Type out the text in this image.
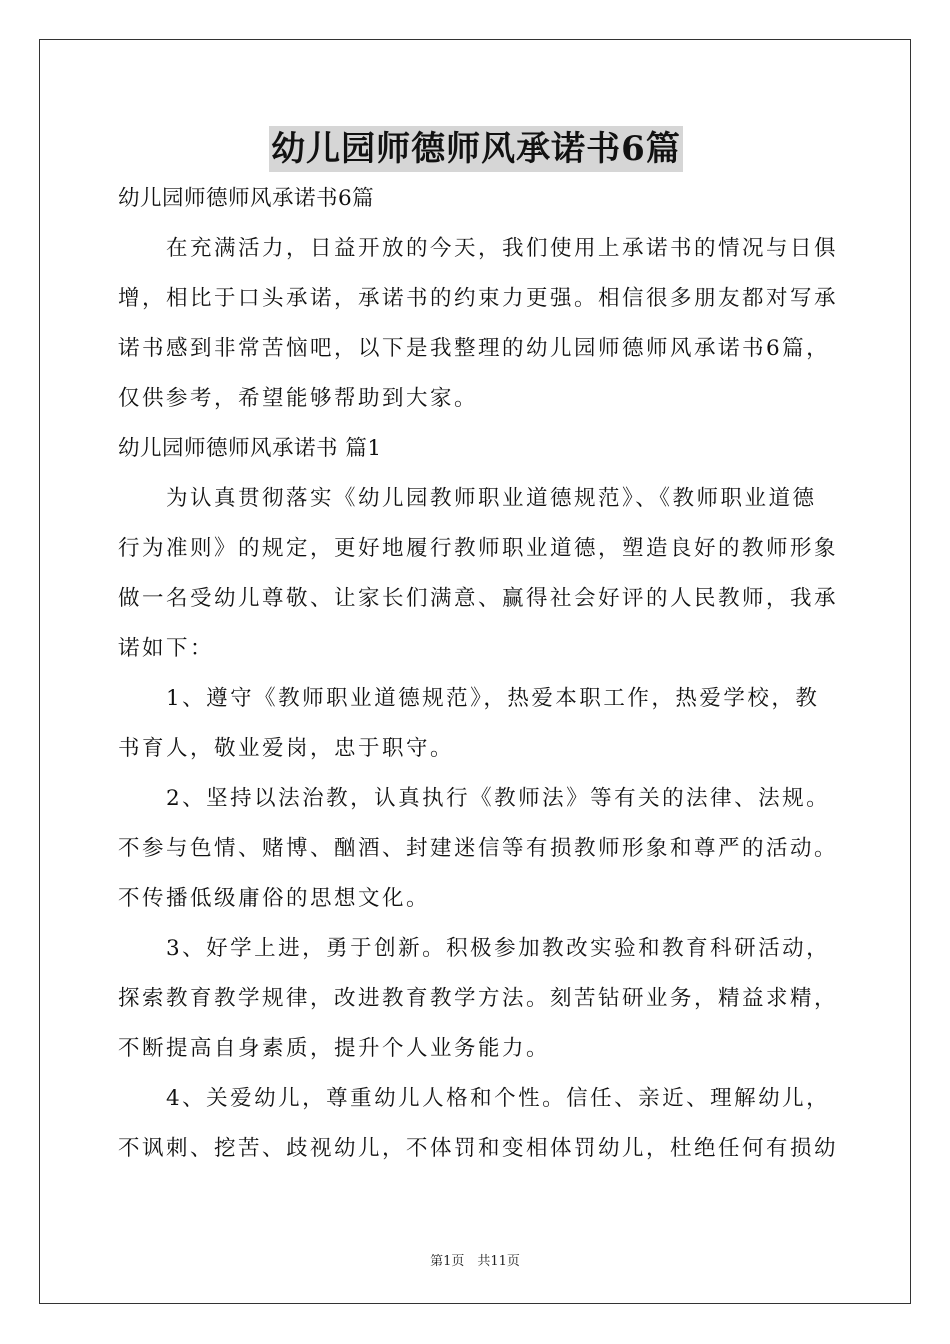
幼儿园师德师风承诺书6篇
幼儿园师德师风承诺书6篇
　　在充满活力，日益开放的今天，我们使用上承诺书的情况与日俱
增，相比于口头承诺，承诺书的约束力更强。相信很多朋友都对写承
诺书感到非常苦恼吧，以下是我整理的幼儿园师德师风承诺书6篇，
仅供参考，希望能够帮助到大家。
幼儿园师德师风承诺书 篇1
　　为认真贯彻落实《幼儿园教师职业道德规范》、《教师职业道德
行为准则》的规定，更好地履行教师职业道德，塑造良好的教师形象
做一名受幼儿尊敬、让家长们满意、赢得社会好评的人民教师，我承
诺如下：
　　1、遵守《教师职业道德规范》，热爱本职工作，热爱学校，教
书育人，敬业爱岗，忠于职守。
　　2、坚持以法治教，认真执行《教师法》等有关的法律、法规。
不参与色情、赌博、酗酒、封建迷信等有损教师形象和尊严的活动。
不传播低级庸俗的思想文化。
　　3、好学上进，勇于创新。积极参加教改实验和教育科研活动，
探索教育教学规律，改进教育教学方法。刻苦钻研业务，精益求精，
不断提高自身素质，提升个人业务能力。
　　4、关爱幼儿，尊重幼儿人格和个性。信任、亲近、理解幼儿，
不讽刺、挖苦、歧视幼儿，不体罚和变相体罚幼儿，杜绝任何有损幼
第1页　共11页
